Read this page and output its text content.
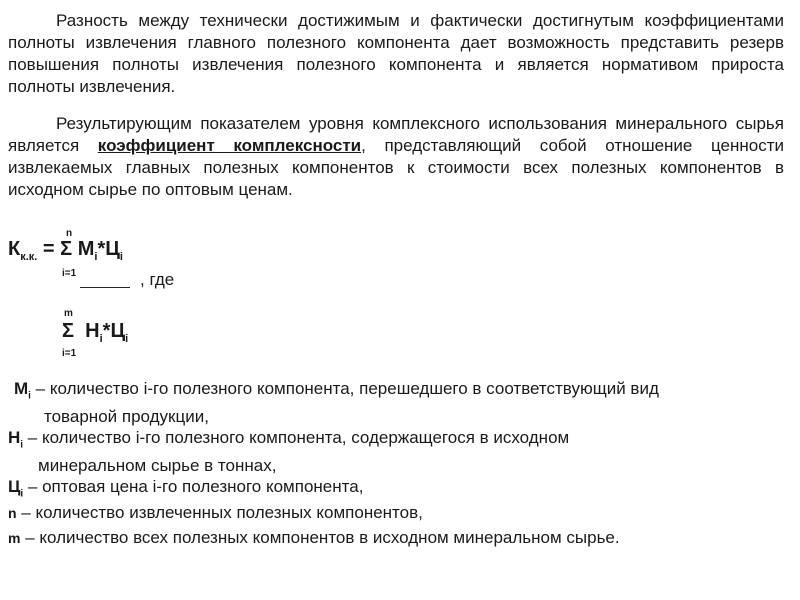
Разность между технически достижимым и фактически достигнутым коэффициентами полноты извлечения главного полезного компонента дает возможность представить резерв повышения полноты извлечения полезного компонента и является нормативом прироста полноты извлечения.

Результирующим показателем уровня комплексного использования минерального сырья является коэффициент комплексности, представляющий собой отношение ценности извлекаемых главных полезных компонентов к стоимости всех полезных компонентов в исходном сырье по оптовым ценам.

n
$К_{к.к.} = \Sigma$ $М_i*Ц_i$
i=1	, где
m
Σ $Н_i*Ц_i$
i=1
$М_i$ – количество i-го полезного компонента, перешедшего в соответствующий вид
товарной продукции,
$Н_i$ – количество i-го полезного компонента, содержащегося в исходном
минеральном сырье в тоннах,
$Ц_i$ – оптовая цена i-го полезного компонента,
n – количество извлеченных полезных компонентов,
m – количество всех полезных компонентов в исходном минеральном сырье.
